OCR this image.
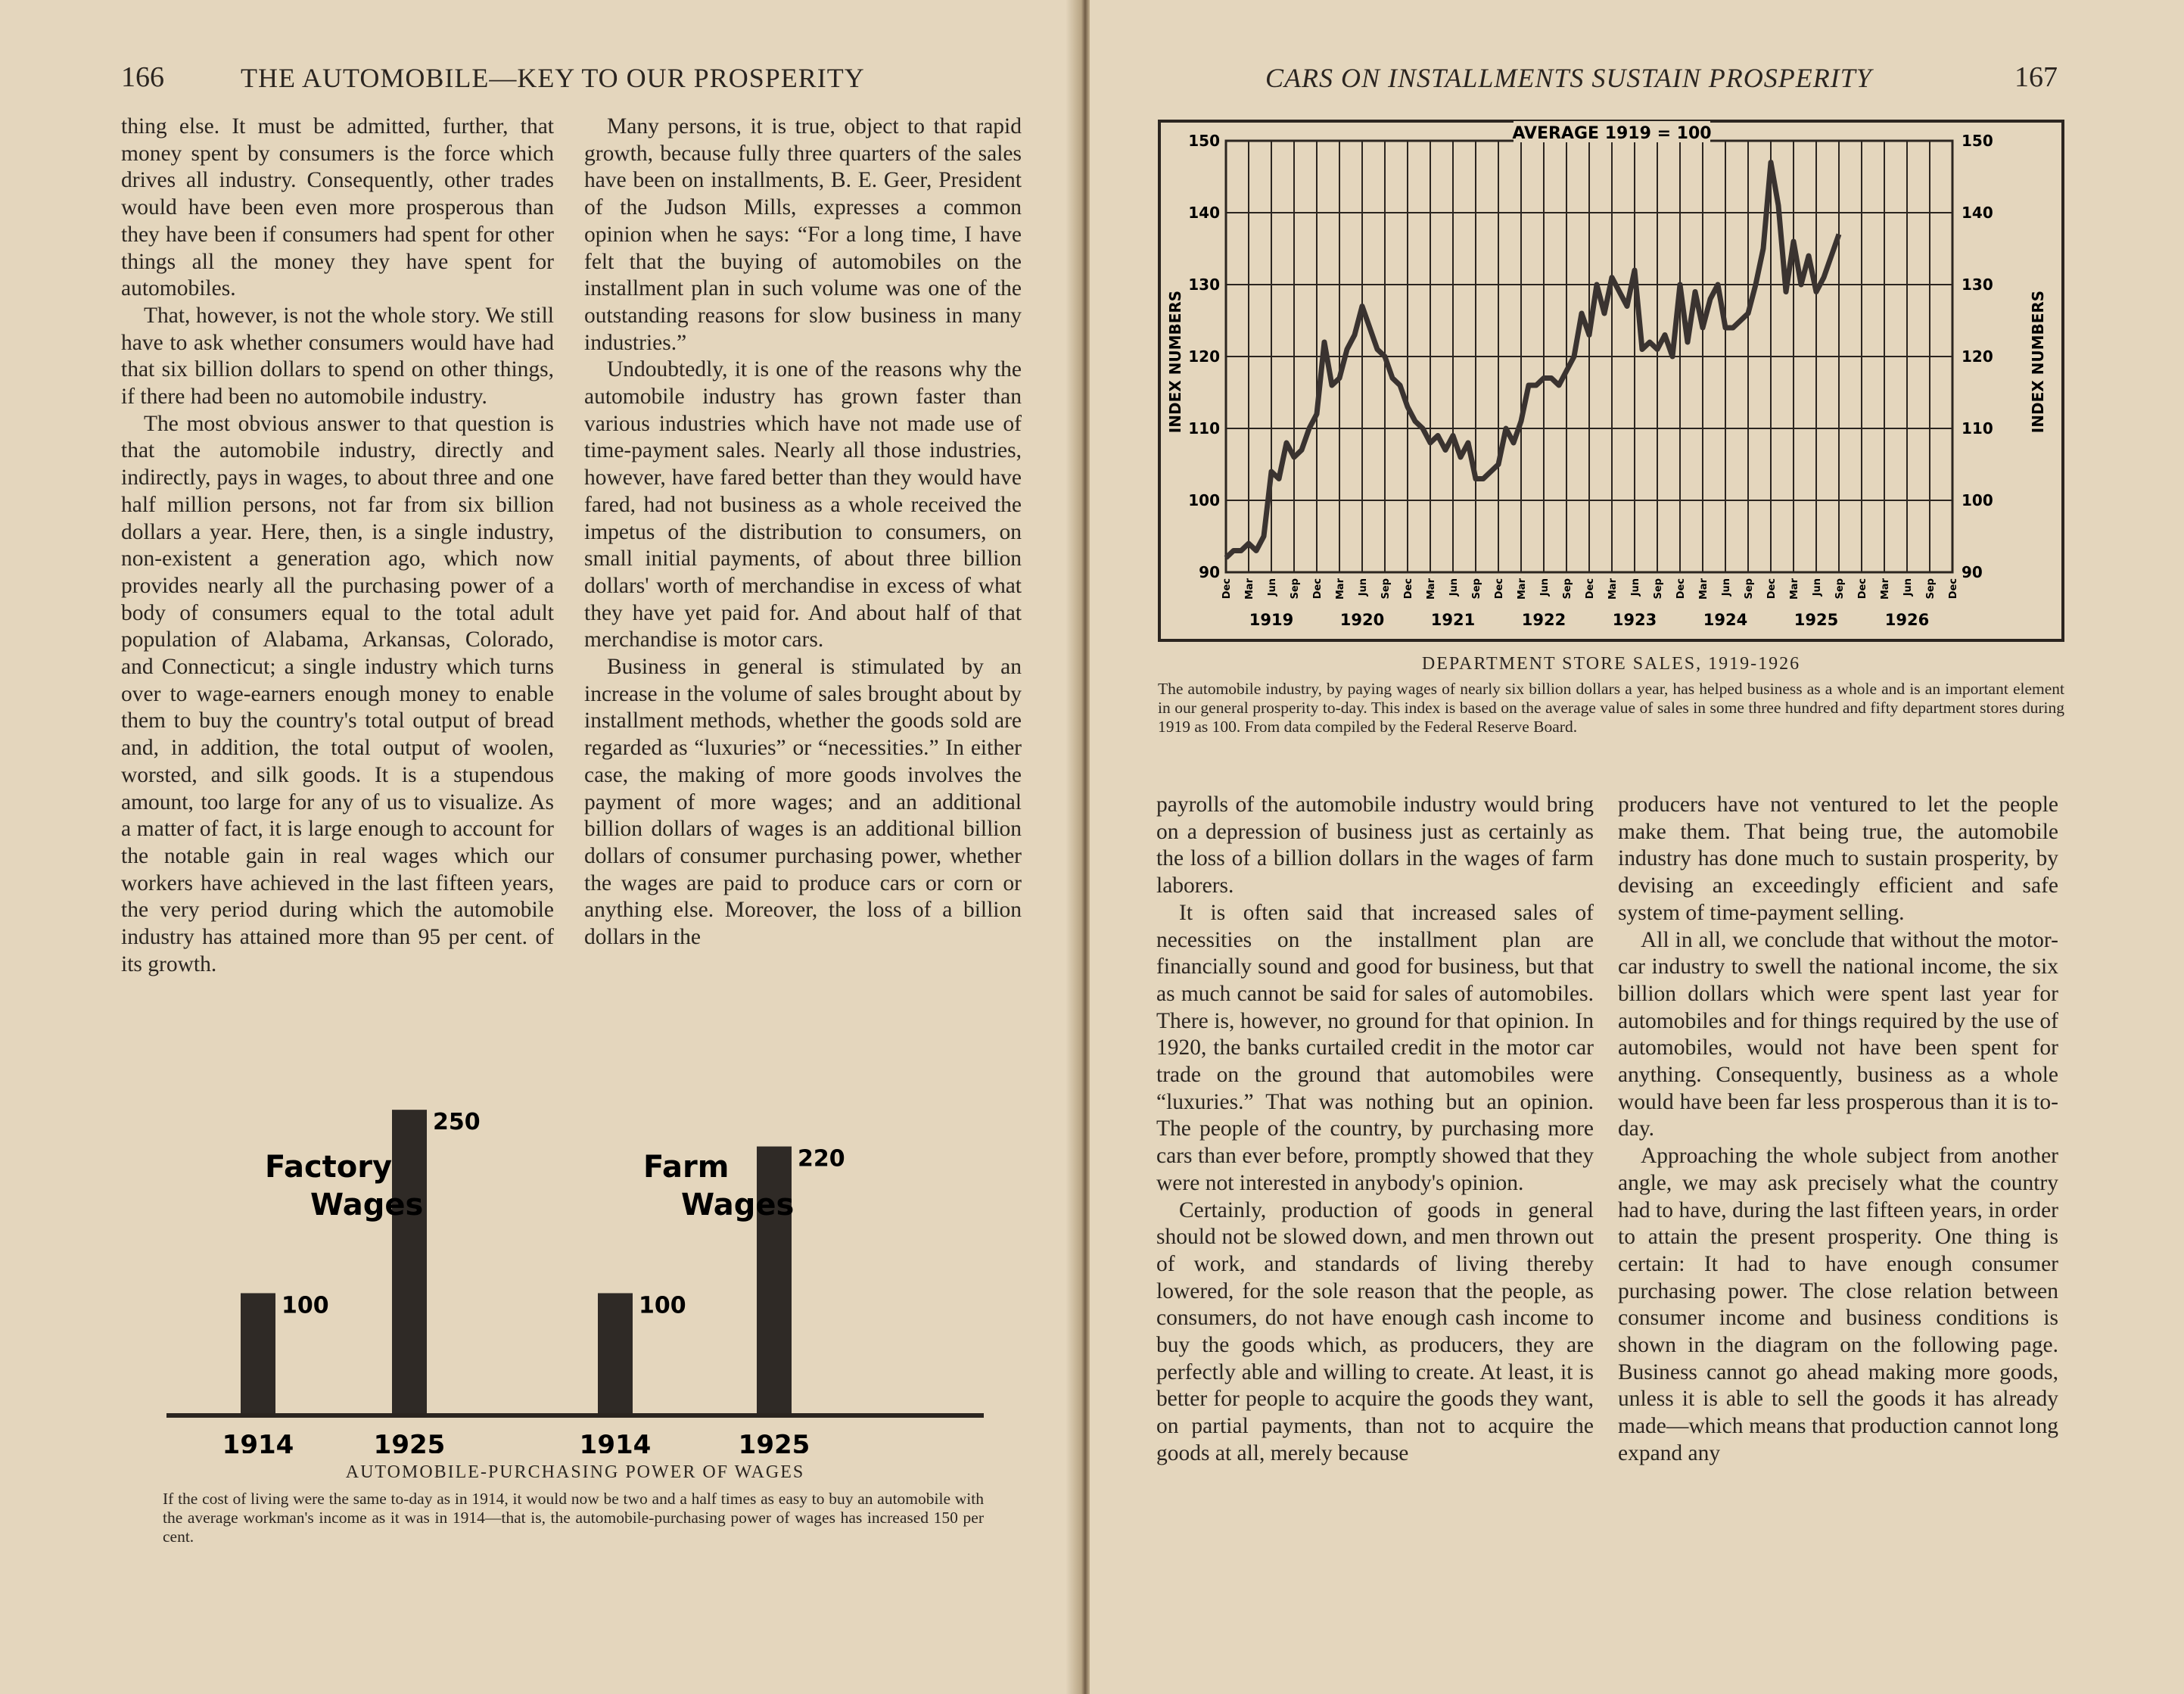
166	THE AUTOMOBILE—KEY TO OUR PROSPERITY

thing else. It must be admitted, further, that money spent by consumers is the force which drives all industry. Consequently, other trades would have been even more prosperous than they have been if consumers had spent for other things all the money they have spent for automobiles.

That, however, is not the whole story. We still have to ask whether consumers would have had that six billion dollars to spend on other things, if there had been no automobile industry.

The most obvious answer to that question is that the automobile industry, directly and indirectly, pays in wages, to about three and one half million persons, not far from six billion dollars a year. Here, then, is a single industry, non-existent a generation ago, which now provides nearly all the purchasing power of a body of consumers equal to the total adult population of Alabama, Arkansas, Colorado, and Connecticut; a single industry which turns over to wage-earners enough money to enable them to buy the country's total output of bread and, in addition, the total output of woolen, worsted, and silk goods. It is a stupendous amount, too large for any of us to visualize. As a matter of fact, it is large enough to account for the notable gain in real wages which our workers have achieved in the last fifteen years, the very period during which the automobile industry has attained more than 95 per cent. of its growth.

Many persons, it is true, object to that rapid growth, because fully three quarters of the sales have been on installments, B. E. Geer, President of the Judson Mills, expresses a common opinion when he says: “For a long time, I have felt that the buying of automobiles on the installment plan in such volume was one of the outstanding reasons for slow business in many industries.”

Undoubtedly, it is one of the reasons why the automobile industry has grown faster than various industries which have not made use of time-payment sales. Nearly all those industries, however, have fared better than they would have fared, had not business as a whole received the impetus of the distribution to consumers, on small initial payments, of about three billion dollars' worth of merchandise in excess of what they have yet paid for. And about half of that merchandise is motor cars.

Business in general is stimulated by an increase in the volume of sales brought about by installment methods, whether the goods sold are regarded as “luxuries” or “necessities.” In either case, the making of more goods involves the payment of more wages; and an additional billion dollars of wages is an additional billion dollars of consumer purchasing power, whether the wages are paid to produce cars or corn or anything else. Moreover, the loss of a billion dollars in the

100
1914
250
1925
100
1914
220
1925
Factory
Wages
Farm
Wages
AUTOMOBILE-PURCHASING POWER OF WAGES
If the cost of living were the same to-day as in 1914, it would now be two and a half times as easy to buy an automobile with the average workman's income as it was in 1914—that is, the automobile-purchasing power of wages has increased 150 per cent.
CARS ON INSTALLMENTS SUSTAIN PROSPERITY	167
150	150
140	140
130	130
120	120
110	110
100	100
90	90
Dec Mar Jun Sep Dec Mar Jun Sep Dec Mar Jun Sep Dec Mar Jun Sep Dec Mar Jun Sep Dec Mar Jun Sep Dec Mar Jun Sep Dec Mar Jun Sep Dec
1919	1920	1921	1922	1923	1924	1925	1926
AVERAGE 1919 = 100
INDEX NUMBERS	INDEX NUMBERS
DEPARTMENT STORE SALES, 1919-1926
The automobile industry, by paying wages of nearly six billion dollars a year, has helped business as a whole and is an important element in our general prosperity to-day. This index is based on the average value of sales in some three hundred and fifty department stores during 1919 as 100. From data compiled by the Federal Reserve Board.

payrolls of the automobile industry would bring on a depression of business just as certainly as the loss of a billion dollars in the wages of farm laborers.

It is often said that increased sales of necessities on the installment plan are financially sound and good for business, but that as much cannot be said for sales of automobiles. There is, however, no ground for that opinion. In 1920, the banks curtailed credit in the motor car trade on the ground that automobiles were “luxuries.” That was nothing but an opinion. The people of the country, by purchasing more cars than ever before, promptly showed that they were not interested in anybody's opinion.

Certainly, production of goods in general should not be slowed down, and men thrown out of work, and standards of living thereby lowered, for the sole reason that the people, as consumers, do not have enough cash income to buy the goods which, as producers, they are perfectly able and willing to create. At least, it is better for people to acquire the goods they want, on partial payments, than not to acquire the goods at all, merely because

producers have not ventured to let the people make them. That being true, the automobile industry has done much to sustain prosperity, by devising an exceedingly efficient and safe system of time-payment selling.

All in all, we conclude that without the motor-car industry to swell the national income, the six billion dollars which were spent last year for automobiles and for things required by the use of automobiles, would not have been spent for anything. Consequently, business as a whole would have been far less prosperous than it is to-day.

Approaching the whole subject from another angle, we may ask precisely what the country had to have, during the last fifteen years, in order to attain the present prosperity. One thing is certain: It had to have enough consumer purchasing power. The close relation between consumer income and business conditions is shown in the diagram on the following page. Business cannot go ahead making more goods, unless it is able to sell the goods it has already made—which means that production cannot long expand any
